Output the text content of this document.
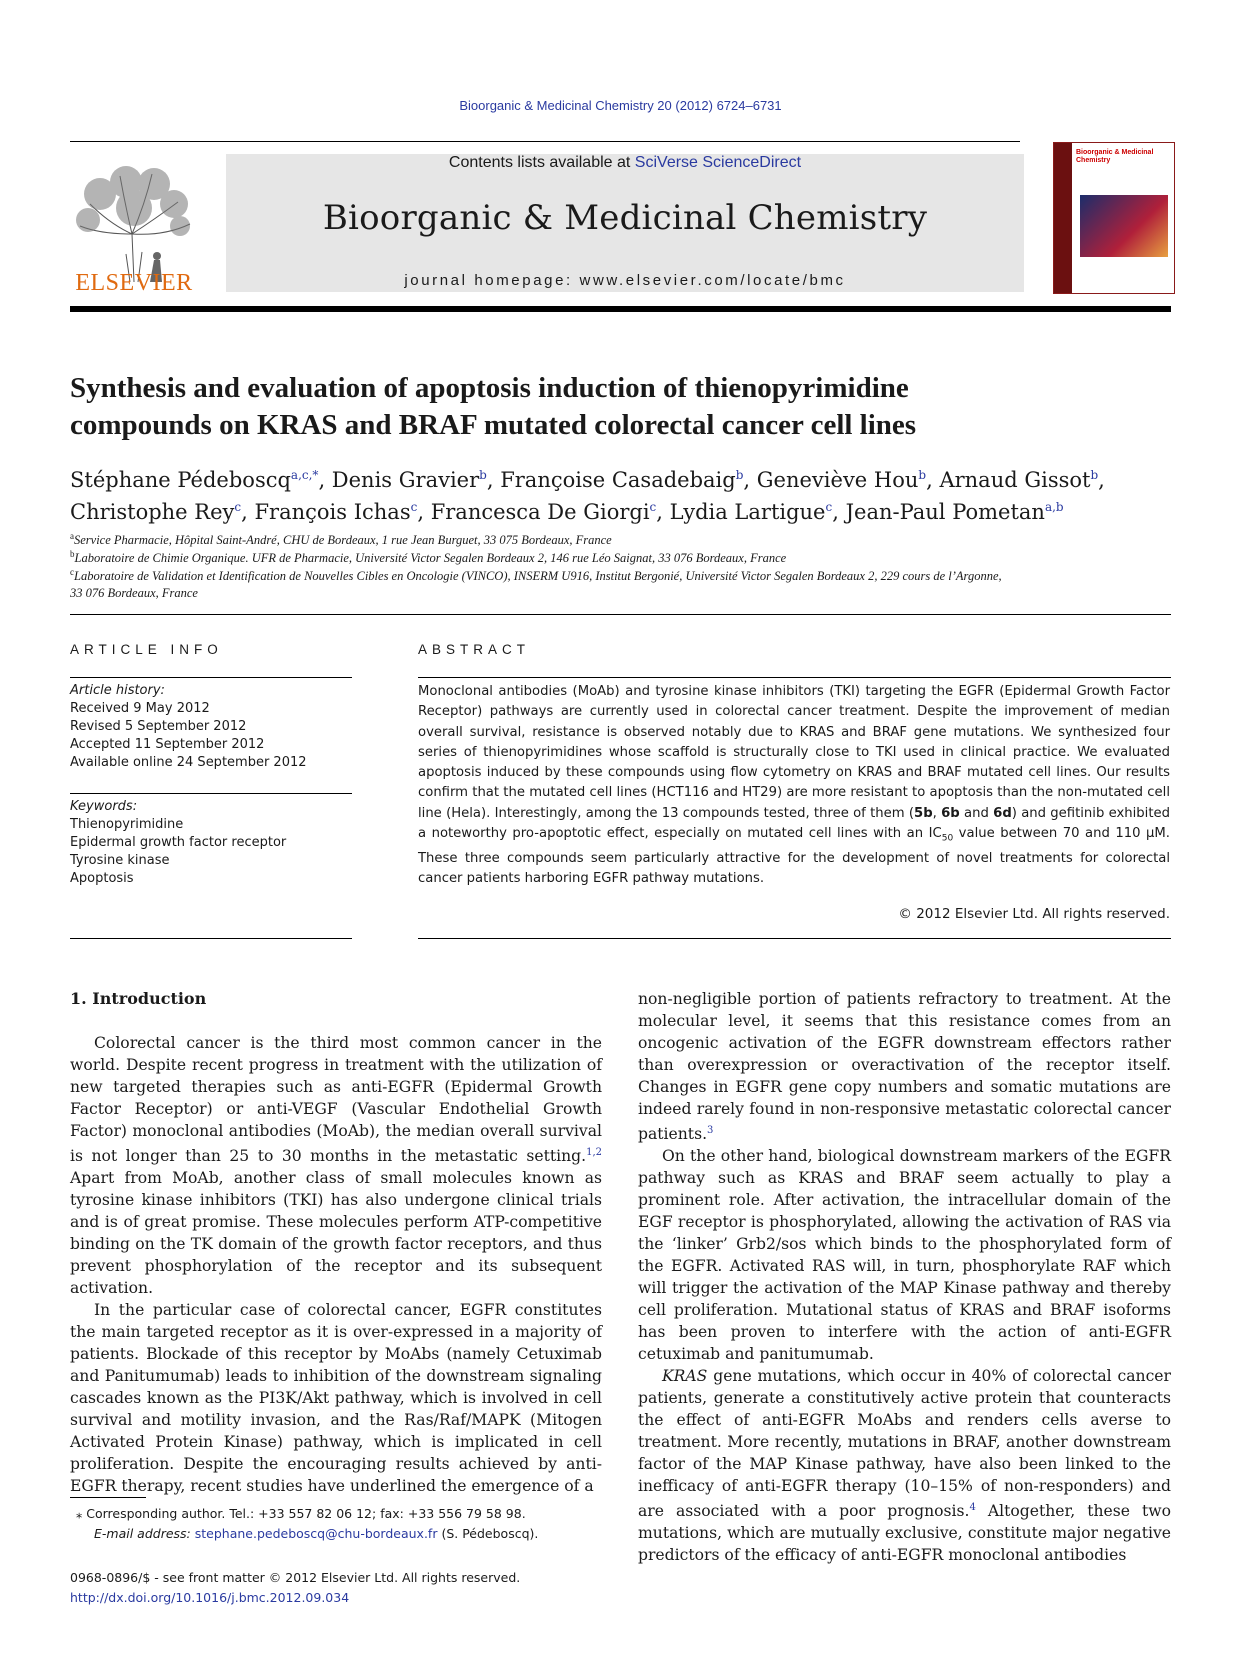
Bioorganic & Medicinal Chemistry 20 (2012) 6724–6731
ELSEVIER
Contents lists available at SciVerse ScienceDirect
Bioorganic & Medicinal Chemistry
journal homepage: www.elsevier.com/locate/bmc
Bioorganic & Medicinal Chemistry
Synthesis and evaluation of apoptosis induction of thienopyrimidine
compounds on KRAS and BRAF mutated colorectal cancer cell lines
Stéphane Pédeboscq$^{a,c,*}$, Denis Gravier$^b$, Françoise Casadebaig$^b$, Geneviève Hou$^b$, Arnaud Gissot$^b$,
Christophe Rey$^c$, François Ichas$^c$, Francesca De Giorgi$^c$, Lydia Lartigue$^c$, Jean-Paul Pometan$^{a,b}$
$^a$Service Pharmacie, Hôpital Saint-André, CHU de Bordeaux, 1 rue Jean Burguet, 33 075 Bordeaux, France
$^b$Laboratoire de Chimie Organique. UFR de Pharmacie, Université Victor Segalen Bordeaux 2, 146 rue Léo Saignat, 33 076 Bordeaux, France
$^c$Laboratoire de Validation et Identification de Nouvelles Cibles en Oncologie (VINCO), INSERM U916, Institut Bergonié, Université Victor Segalen Bordeaux 2, 229 cours de l’Argonne,
33 076 Bordeaux, France
ARTICLE INFO
Article history:
Received 9 May 2012
Revised 5 September 2012
Accepted 11 September 2012
Available online 24 September 2012
Keywords:
Thienopyrimidine
Epidermal growth factor receptor
Tyrosine kinase
Apoptosis
ABSTRACT
Monoclonal antibodies (MoAb) and tyrosine kinase inhibitors (TKI) targeting the EGFR (Epidermal Growth Factor Receptor) pathways are currently used in colorectal cancer treatment. Despite the improvement of median overall survival, resistance is observed notably due to KRAS and BRAF gene mutations. We synthesized four series of thienopyrimidines whose scaffold is structurally close to TKI used in clinical practice. We evaluated apoptosis induced by these compounds using flow cytometry on KRAS and BRAF mutated cell lines. Our results confirm that the mutated cell lines (HCT116 and HT29) are more resistant to apoptosis than the non-mutated cell line (Hela). Interestingly, among the 13 compounds tested, three of them (5b, 6b and 6d) and gefitinib exhibited a noteworthy pro-apoptotic effect, especially on mutated cell lines with an $IC_{50}$ value between 70 and 110 μM. These three compounds seem particularly attractive for the development of novel treatments for colorectal cancer patients harboring EGFR pathway mutations.
© 2012 Elsevier Ltd. All rights reserved.
1. Introduction

Colorectal cancer is the third most common cancer in the world. Despite recent progress in treatment with the utilization of new targeted therapies such as anti-EGFR (Epidermal Growth Factor Receptor) or anti-VEGF (Vascular Endothelial Growth Factor) monoclonal antibodies (MoAb), the median overall survival is not longer than 25 to 30 months in the metastatic setting.$^{1,2}$ Apart from MoAb, another class of small molecules known as tyrosine kinase inhibitors (TKI) has also undergone clinical trials and is of great promise. These molecules perform ATP-competitive binding on the TK domain of the growth factor receptors, and thus prevent phosphorylation of the receptor and its subsequent activation.

In the particular case of colorectal cancer, EGFR constitutes the main targeted receptor as it is over-expressed in a majority of patients. Blockade of this receptor by MoAbs (namely Cetuximab and Panitumumab) leads to inhibition of the downstream signaling cascades known as the PI3K/Akt pathway, which is involved in cell survival and motility invasion, and the Ras/Raf/MAPK (Mitogen Activated Protein Kinase) pathway, which is implicated in cell proliferation. Despite the encouraging results achieved by anti-EGFR therapy, recent studies have underlined the emergence of a

non-negligible portion of patients refractory to treatment. At the molecular level, it seems that this resistance comes from an oncogenic activation of the EGFR downstream effectors rather than overexpression or overactivation of the receptor itself. Changes in EGFR gene copy numbers and somatic mutations are indeed rarely found in non-responsive metastatic colorectal cancer patients.$^3$

On the other hand, biological downstream markers of the EGFR pathway such as KRAS and BRAF seem actually to play a prominent role. After activation, the intracellular domain of the EGF receptor is phosphorylated, allowing the activation of RAS via the ‘linker’ Grb2/sos which binds to the phosphorylated form of the EGFR. Activated RAS will, in turn, phosphorylate RAF which will trigger the activation of the MAP Kinase pathway and thereby cell proliferation. Mutational status of KRAS and BRAF isoforms has been proven to interfere with the action of anti-EGFR cetuximab and panitumumab.

KRAS gene mutations, which occur in 40% of colorectal cancer patients, generate a constitutively active protein that counteracts the effect of anti-EGFR MoAbs and renders cells averse to treatment. More recently, mutations in BRAF, another downstream factor of the MAP Kinase pathway, have also been linked to the inefficacy of anti-EGFR therapy (10–15% of non-responders) and are associated with a poor prognosis.$^4$ Altogether, these two mutations, which are mutually exclusive, constitute major negative predictors of the efficacy of anti-EGFR monoclonal antibodies

⁎ Corresponding author. Tel.: +33 557 82 06 12; fax: +33 556 79 58 98.
E-mail address: stephane.pedeboscq@chu-bordeaux.fr (S. Pédeboscq).
0968-0896/$ - see front matter © 2012 Elsevier Ltd. All rights reserved.
http://dx.doi.org/10.1016/j.bmc.2012.09.034
